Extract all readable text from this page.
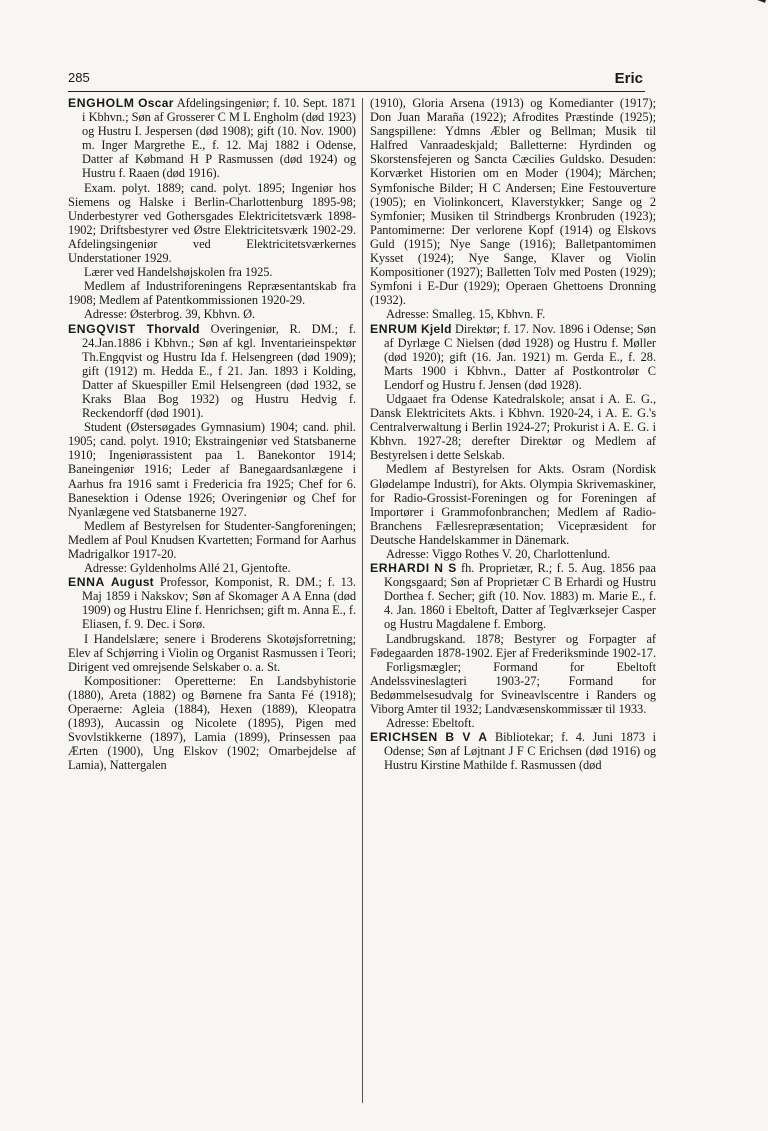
285	Eric

ENGHOLM Oscar Afdelingsingeniør; f. 10. Sept. 1871 i Kbhvn.; Søn af Grosserer C M L Engholm (død 1923) og Hustru I. Jespersen (død 1908); gift (10. Nov. 1900) m. Inger Margrethe E., f. 12. Maj 1882 i Odense, Datter af Købmand H P Rasmussen (død 1924) og Hustru f. Raaen (død 1916).

Exam. polyt. 1889; cand. polyt. 1895; Ingeniør hos Siemens og Halske i Berlin-Charlottenburg 1895-98; Underbestyrer ved Gothersgades Elektricitetsværk 1898-1902; Driftsbestyrer ved Østre Elektricitetsværk 1902-29. Afdelingsingeniør ved Elektricitetsværkernes Understationer 1929.

Lærer ved Handelshøjskolen fra 1925.

Medlem af Industriforeningens Repræsentantskab fra 1908; Medlem af Patentkommissionen 1920-29.

Adresse: Østerbrog. 39, Kbhvn. Ø.

ENGQVIST Thorvald Overingeniør, R. DM.; f. 24.Jan.1886 i Kbhvn.; Søn af kgl. Inventarieinspektør Th.Engqvist og Hustru Ida f. Helsengreen (død 1909); gift (1912) m. Hedda E., f 21. Jan. 1893 i Kolding, Datter af Skuespiller Emil Helsengreen (død 1932, se Kraks Blaa Bog 1932) og Hustru Hedvig f. Reckendorff (død 1901).

Student (Østersøgades Gymnasium) 1904; cand. phil. 1905; cand. polyt. 1910; Ekstraingeniør ved Statsbanerne 1910; Ingeniørassistent paa 1. Banekontor 1914; Baneingeniør 1916; Leder af Banegaardsanlægene i Aarhus fra 1916 samt i Fredericia fra 1925; Chef for 6. Banesektion i Odense 1926; Overingeniør og Chef for Nyanlægene ved Statsbanerne 1927.

Medlem af Bestyrelsen for Studenter-Sangforeningen; Medlem af Poul Knudsen Kvartetten; Formand for Aarhus Madrigalkor 1917-20.

Adresse: Gyldenholms Allé 21, Gjentofte.

ENNA August Professor, Komponist, R. DM.; f. 13. Maj 1859 i Nakskov; Søn af Skomager A A Enna (død 1909) og Hustru Eline f. Henrichsen; gift m. Anna E., f. Eliasen, f. 9. Dec. i Sorø.

I Handelslære; senere i Broderens Skotøjsforretning; Elev af Schjørring i Violin og Organist Rasmussen i Teori; Dirigent ved omrejsende Selskaber o. a. St.

Kompositioner: Operetterne: En Landsbyhistorie (1880), Areta (1882) og Børnene fra Santa Fé (1918); Operaerne: Agleia (1884), Hexen (1889), Kleopatra (1893), Aucassin og Nicolete (1895), Pigen med Svovlstikkerne (1897), Lamia (1899), Prinsessen paa Ærten (1900), Ung Elskov (1902; Omarbejdelse af Lamia), Nattergalen

(1910), Gloria Arsena (1913) og Komedianter (1917); Don Juan Maraña (1922); Afrodites Præstinde (1925); Sangspillene: Ydmns Æbler og Bellman; Musik til Halfred Vanraadeskjald; Balletterne: Hyrdinden og Skorstensfejeren og Sancta Cæcilies Guldsko. Desuden: Korværket Historien om en Moder (1904); Märchen; Symfonische Bilder; H C Andersen; Eine Festouverture (1905); en Violinkoncert, Klaverstykker; Sange og 2 Symfonier; Musiken til Strindbergs Kronbruden (1923); Pantomimerne: Der verlorene Kopf (1914) og Elskovs Guld (1915); Nye Sange (1916); Balletpantomimen Kysset (1924); Nye Sange, Klaver og Violin Kompositioner (1927); Balletten Tolv med Posten (1929); Symfoni i E-Dur (1929); Operaen Ghettoens Dronning (1932).

Adresse: Smalleg. 15, Kbhvn. F.

ENRUM Kjeld Direktør; f. 17. Nov. 1896 i Odense; Søn af Dyrlæge C Nielsen (død 1928) og Hustru f. Møller (død 1920); gift (16. Jan. 1921) m. Gerda E., f. 28. Marts 1900 i Kbhvn., Datter af Postkontrolør C Lendorf og Hustru f. Jensen (død 1928).

Udgaaet fra Odense Katedralskole; ansat i A. E. G., Dansk Elektricitets Akts. i Kbhvn. 1920-24, i A. E. G.'s Centralverwaltung i Berlin 1924-27; Prokurist i A. E. G. i Kbhvn. 1927-28; derefter Direktør og Medlem af Bestyrelsen i dette Selskab.

Medlem af Bestyrelsen for Akts. Osram (Nordisk Glødelampe Industri), for Akts. Olympia Skrivemaskiner, for Radio-Grossist-Foreningen og for Foreningen af Importører i Grammofonbranchen; Medlem af Radio-Branchens Fællesrepræsentation; Vicepræsident for Deutsche Handelskammer in Dänemark.

Adresse: Viggo Rothes V. 20, Charlottenlund.

ERHARDI N S fh. Proprietær, R.; f. 5. Aug. 1856 paa Kongsgaard; Søn af Proprietær C B Erhardi og Hustru Dorthea f. Secher; gift (10. Nov. 1883) m. Marie E., f. 4. Jan. 1860 i Ebeltoft, Datter af Teglværksejer Casper og Hustru Magdalene f. Emborg.

Landbrugskand. 1878; Bestyrer og Forpagter af Fødegaarden 1878-1902. Ejer af Frederiksminde 1902-17.

Forligsmægler; Formand for Ebeltoft Andelssvineslagteri 1903-27; Formand for Bedømmelsesudvalg for Svineavlscentre i Randers og Viborg Amter til 1932; Landvæsenskommissær til 1933.

Adresse: Ebeltoft.

ERICHSEN B V A Bibliotekar; f. 4. Juni 1873 i Odense; Søn af Løjtnant J F C Erichsen (død 1916) og Hustru Kirstine Mathilde f. Rasmussen (død
